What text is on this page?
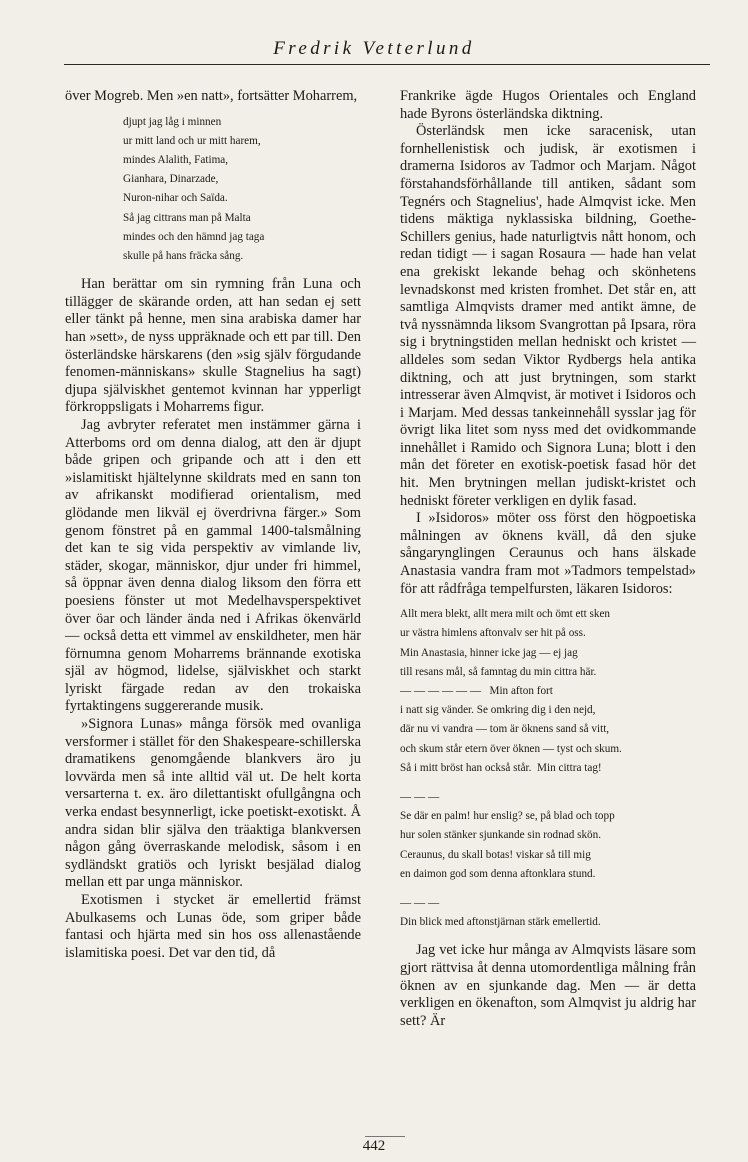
Fredrik Vetterlund

över Mogreb. Men »en natt», fortsätter Moharrem,

djupt jag låg i minnen
ur mitt land och ur mitt harem,
mindes Alalith, Fatima,
Gianhara, Dinarzade,
Nuron-nihar och Saïda.
Så jag cittrans man på Malta
mindes och den hämnd jag taga
skulle på hans fräcka sång.

Han berättar om sin rymning från Luna och tillägger de skärande orden, att han sedan ej sett eller tänkt på henne, men sina arabiska damer har han »sett», de nyss uppräknade och ett par till. Den österländske härskarens (den »sig själv förgudande fenomen-människans» skulle Stagnelius ha sagt) djupa själviskhet gentemot kvinnan har ypperligt förkroppsligats i Moharrems figur.

Jag avbryter referatet men instämmer gärna i Atterboms ord om denna dialog, att den är djupt både gripen och gripande och att i den ett »islamitiskt hjältelynne skildrats med en sann ton av afrikanskt modifierad orientalism, med glödande men likväl ej överdrivna färger.» Som genom fönstret på en gammal 1400-talsmålning det kan te sig vida perspektiv av vimlande liv, städer, skogar, människor, djur under fri himmel, så öppnar även denna dialog liksom den förra ett poesiens fönster ut mot Medelhavsperspektivet över öar och länder ända ned i Afrikas ökenvärld — också detta ett vimmel av enskildheter, men här förnumna genom Moharrems brännande exotiska själ av högmod, lidelse, själviskhet och starkt lyriskt färgade redan av den trokaiska fyrtaktingens suggererande musik.

»Signora Lunas» många försök med ovanliga versformer i stället för den Shakespeare-schillerska dramatikens genomgående blankvers äro ju lovvärda men så inte alltid väl ut. De helt korta versarterna t. ex. äro dilettantiskt ofullgångna och verka endast besynnerligt, icke poetiskt-exotiskt. Å andra sidan blir själva den träaktiga blankversen någon gång överraskande melodisk, såsom i en sydländskt gratiös och lyriskt besjälad dialog mellan ett par unga människor.

Exotismen i stycket är emellertid främst Abulkasems och Lunas öde, som griper både fantasi och hjärta med sin hos oss allenastående islamitiska poesi. Det var den tid, då

Frankrike ägde Hugos Orientales och England hade Byrons österländska diktning.

Österländsk men icke saracenisk, utan fornhellenistisk och judisk, är exotismen i dramerna Isidoros av Tadmor och Marjam. Något förstahandsförhållande till antiken, sådant som Tegnérs och Stagnelius', hade Almqvist icke. Men tidens mäktiga nyklassiska bildning, Goethe-Schillers genius, hade naturligtvis nått honom, och redan tidigt — i sagan Rosaura — hade han velat ena grekiskt lekande behag och skönhetens levnadskonst med kristen fromhet. Det står en, att samtliga Almqvists dramer med antikt ämne, de två nyssnämnda liksom Svangrottan på Ipsara, röra sig i brytningstiden mellan hedniskt och kristet — alldeles som sedan Viktor Rydbergs hela antika diktning, och att just brytningen, som starkt intresserar även Almqvist, är motivet i Isidoros och i Marjam. Med dessas tankeinnehåll sysslar jag för övrigt lika litet som nyss med det ovidkommande innehållet i Ramido och Signora Luna; blott i den mån det företer en exotisk-poetisk fasad hör det hit. Men brytningen mellan judiskt-kristet och hedniskt företer verkligen en dylik fasad.

I »Isidoros» möter oss först den högpoetiska målningen av öknens kväll, då den sjuke sångarynglingen Ceraunus och hans älskade Anastasia vandra fram mot »Tadmors tempelstad» för att rådfråga tempelfursten, läkaren Isidoros:

Allt mera blekt, allt mera milt och ömt ett sken
ur västra himlens aftonvalv ser hit på oss.
Min Anastasia, hinner icke jag — ej jag
till resans mål, så famntag du min cittra här.
— — — — — —   Min afton fort
i natt sig vänder. Se omkring dig i den nejd,
där nu vi vandra — tom är öknens sand så vitt,
och skum står etern över öknen — tyst och skum.
Så i mitt bröst han också står.  Min cittra tag!
— — —
Se där en palm! hur enslig? se, på blad och topp
hur solen stänker sjunkande sin rodnad skön.
Ceraunus, du skall botas! viskar så till mig
en daimon god som denna aftonklara stund.
— — —
Din blick med aftonstjärnan stärk emellertid.

Jag vet icke hur många av Almqvists läsare som gjort rättvisa åt denna utomordentliga målning från öknen av en sjunkande dag. Men — är detta verkligen en ökenafton, som Almqvist ju aldrig har sett? Är

442
